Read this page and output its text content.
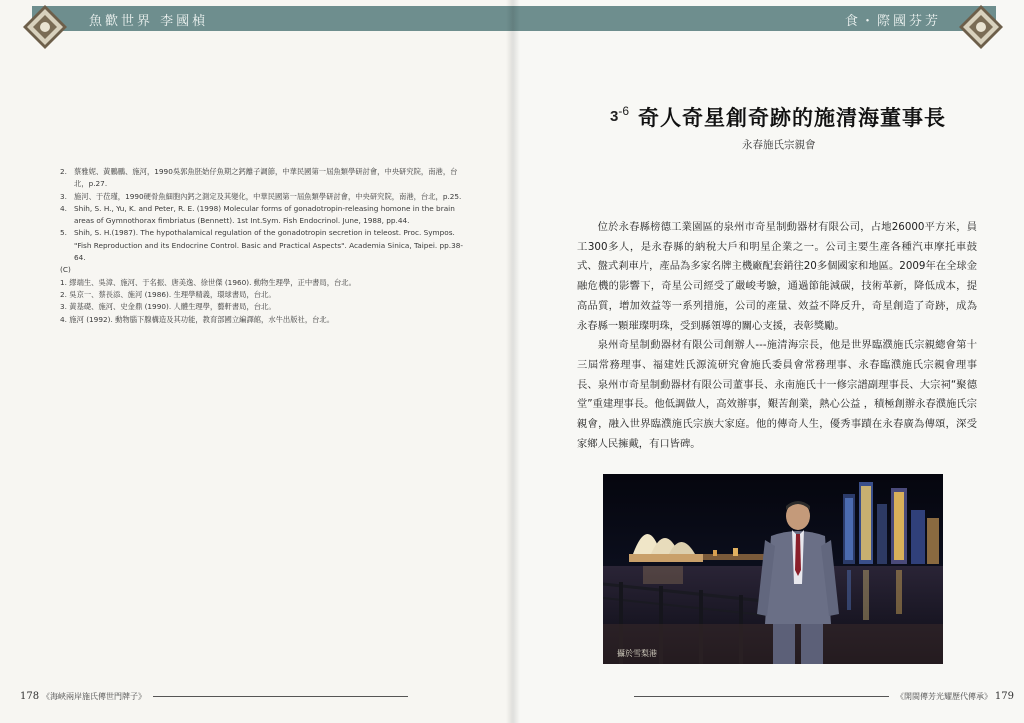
魚歡世界 李國楨
2. 蔡雅妮、黃鵬鵬、施河，1990吳郭魚胚始仔魚期之鈣離子調節，中華民國第一屆魚類學研討會，中央研究院，南港，台北，p.27.
3. 施河、于莅瑾，1990硬骨魚細胞內鈣之測定及其變化，中華民國第一屆魚類學研討會，中央研究院，南港，台北，p.25.
4. Shih, S. H., Yu, K. and Peter, R. E. (1998) Molecular forms of gonadotropin-releasing homone in the brain areas of Gymnothorax fimbriatus (Bennett). 1st Int.Sym. Fish Endocrinol. June, 1988, pp.44.
5. Shih, S. H.(1987). The hypothalamical regulation of the gonadotropin secretion in teleost. Proc. Sympos. "Fish Reproduction and its Endocrine Control. Basic and Practical Aspects". Academia Sinica, Taipei. pp.38-64.
(C)
1. 繆端生、吳漳、施河、于名振、唐美逸、徐世傑 (1960). 動物生理學，正中書局，台北。
2. 吳京一、蔡長添、施河 (1986). 生理學精義，環球書局，台北。
3. 黃基礎、施河、史金鼎 (1990). 人體生理學，藝軒書局，台北。
4. 施河 (1992). 動物腦下腺構造及其功能，教育部國立編譯館，水牛出版社，台北。
178 《海峽兩岸施氏傳世門牌子》
食・際國芬芳
$3^{-6}$ 奇人奇星創奇跡的施清海董事長
永春施氏宗親會

位於永春縣榜德工業園區的泉州市奇星制動器材有限公司，占地26000平方米，員工300多人，是永春縣的納稅大戶和明星企業之一。公司主要生產各種汽車摩托車鼓式、盤式剎車片，產品為多家名牌主機廠配套銷往20多個國家和地區。2009年在全球金融危機的影響下，奇星公司經受了嚴峻考驗，通過節能減碳，技術革新，降低成本，提高品質，增加效益等一系列措施，公司的產量、效益不降反升，奇星創造了奇跡，成為永春縣一顆璀璨明珠，受到縣領導的關心支援，表彰獎勵。

泉州奇星制動器材有限公司創辦人---施清海宗長，他是世界臨濮施氏宗親總會第十三屆常務理事、福建姓氏源流研究會施氏委員會常務理事、永春臨濮施氏宗親會理事長、泉州市奇星制動器材有限公司董事長、永南施氏十一修宗譜副理事長、大宗祠“聚德堂”重建理事長。他低調做人，高效辦事，艱苦創業，熱心公益 ，積極創辦永春濮施氏宗親會，融入世界臨濮施氏宗族大家庭。他的傳奇人生，優秀事蹟在永春廣為傳頌，深受家鄉人民擁戴，有口皆碑。

攝於雪梨港
《開閩傳芳光耀歷代傳承》 179
